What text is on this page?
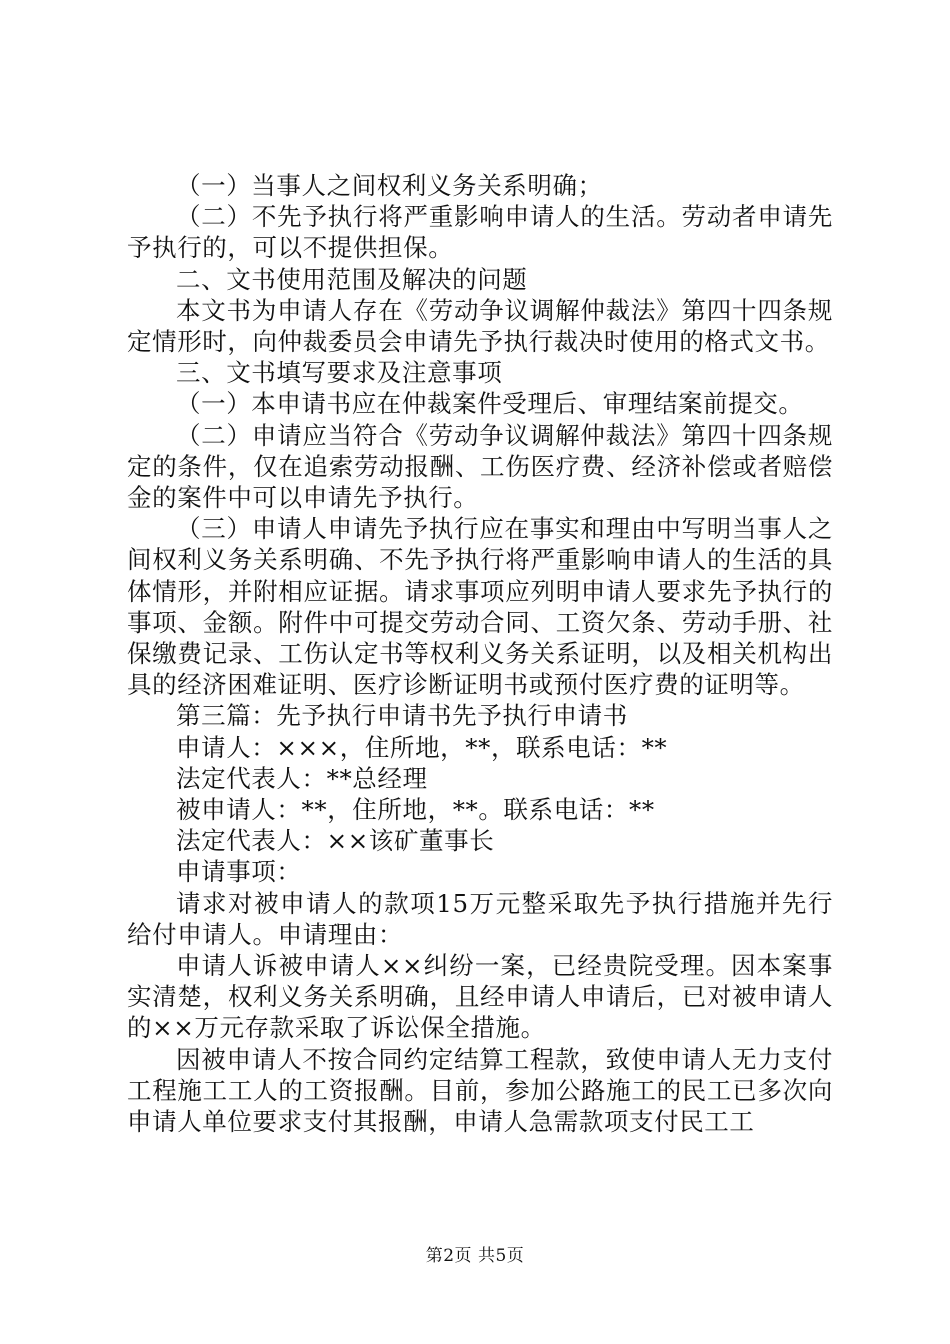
（一）当事人之间权利义务关系明确；

（二）不先予执行将严重影响申请人的生活。劳动者申请先予执行的，可以不提供担保。

二、文书使用范围及解决的问题

本文书为申请人存在《劳动争议调解仲裁法》第四十四条规定情形时，向仲裁委员会申请先予执行裁决时使用的格式文书。

三、文书填写要求及注意事项

（一）本申请书应在仲裁案件受理后、审理结案前提交。

（二）申请应当符合《劳动争议调解仲裁法》第四十四条规定的条件，仅在追索劳动报酬、工伤医疗费、经济补偿或者赔偿金的案件中可以申请先予执行。

（三）申请人申请先予执行应在事实和理由中写明当事人之间权利义务关系明确、不先予执行将严重影响申请人的生活的具体情形，并附相应证据。请求事项应列明申请人要求先予执行的事项、金额。附件中可提交劳动合同、工资欠条、劳动手册、社保缴费记录、工伤认定书等权利义务关系证明，以及相关机构出具的经济困难证明、医疗诊断证明书或预付医疗费的证明等。

第三篇：先予执行申请书先予执行申请书

申请人：×××，住所地，**，联系电话：**

法定代表人：**总经理

被申请人：**，住所地，**。联系电话：**

法定代表人：××该矿董事长

申请事项：

请求对被申请人的款项15万元整采取先予执行措施并先行给付申请人。申请理由：

申请人诉被申请人××纠纷一案，已经贵院受理。因本案事实清楚，权利义务关系明确，且经申请人申请后，已对被申请人的××万元存款采取了诉讼保全措施。

因被申请人不按合同约定结算工程款，致使申请人无力支付工程施工工人的工资报酬。目前，参加公路施工的民工已多次向申请人单位要求支付其报酬，申请人急需款项支付民工工

第2页 共5页
